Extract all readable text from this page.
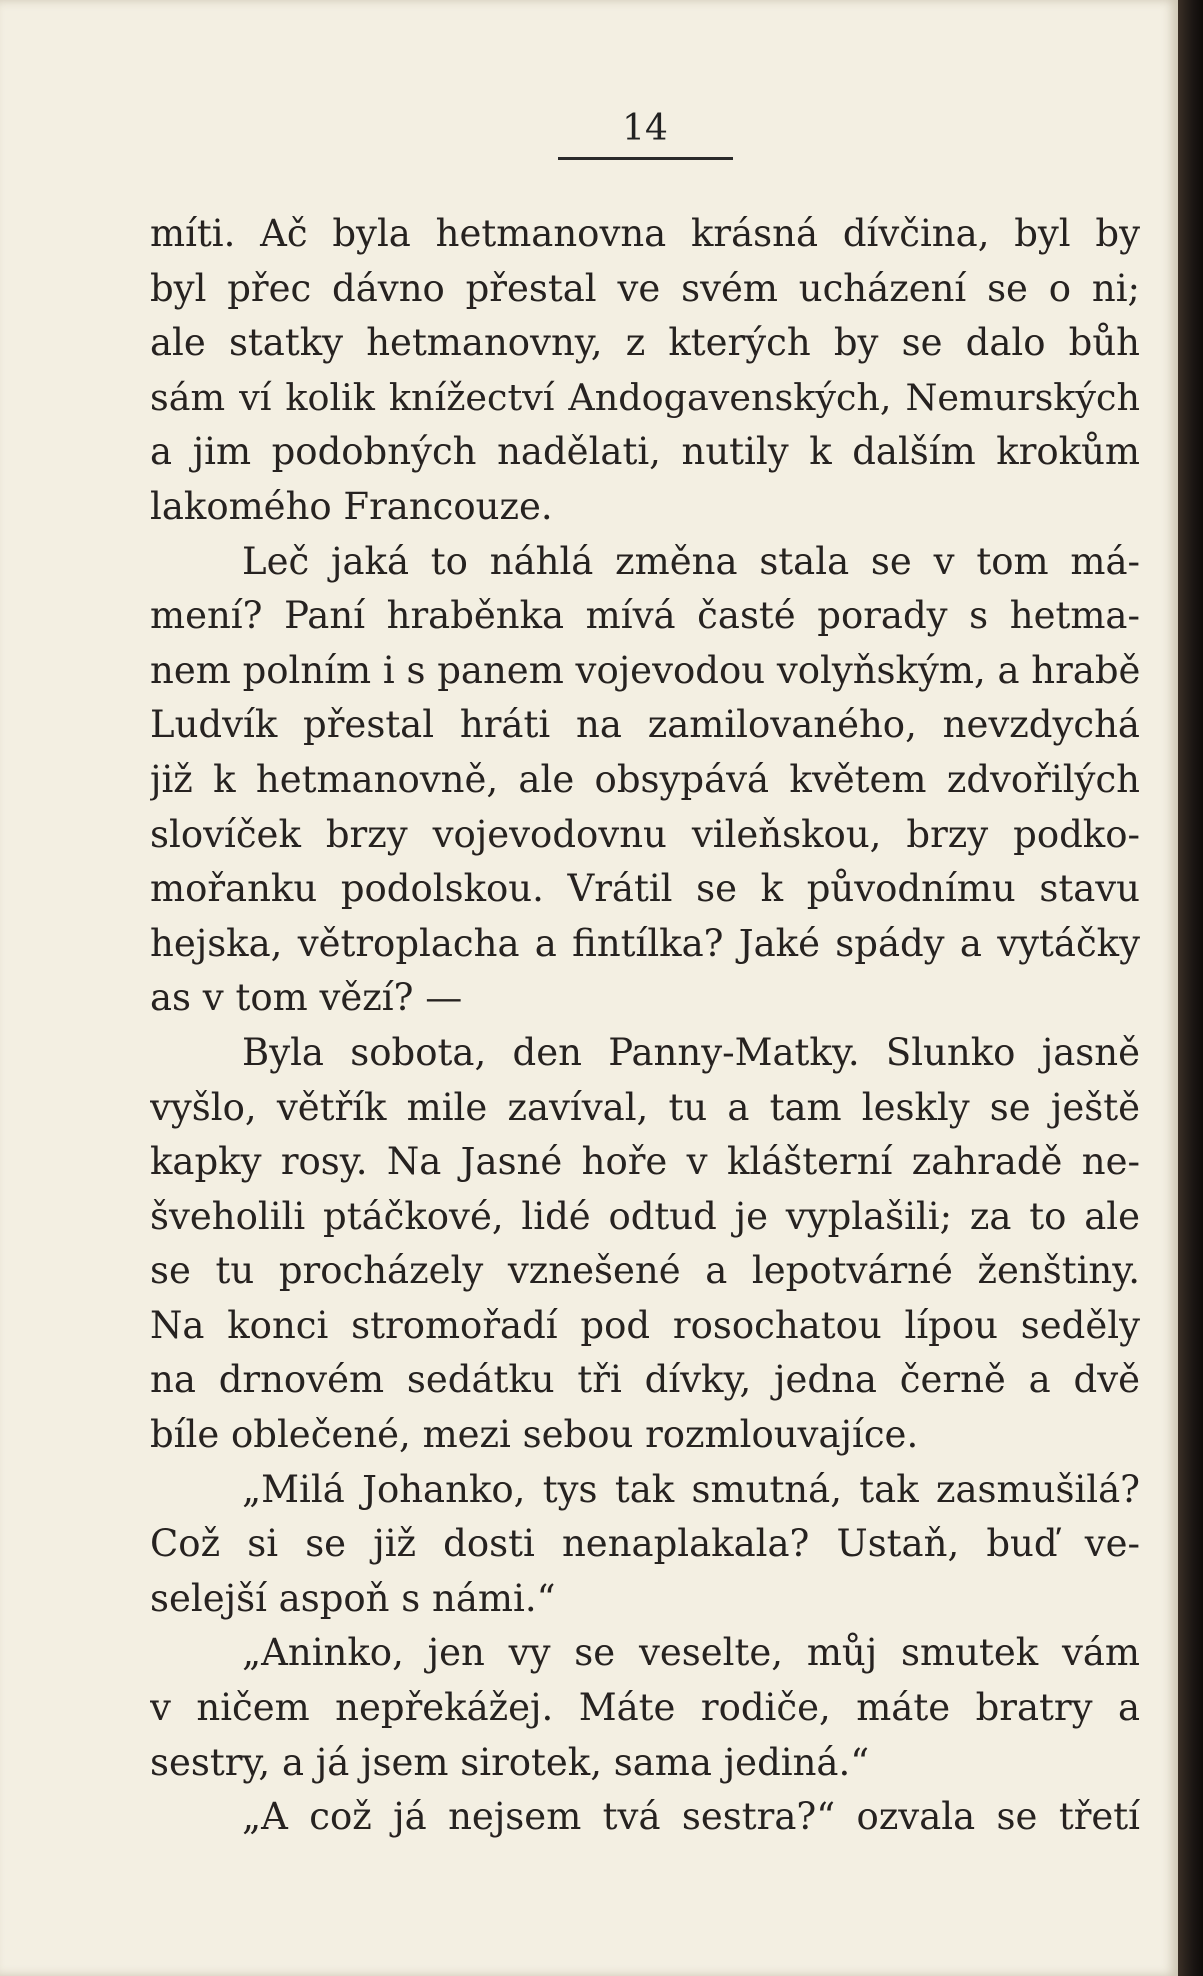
14
míti. Ač byla hetmanovna krásná dívčina, byl by
byl přec dávno přestal ve svém ucházení se o ni;
ale statky hetmanovny, z kterých by se dalo bůh
sám ví kolik knížectví Andogavenských, Nemurských
a jim podobných nadělati, nutily k dalším krokům
lakomého Francouze.
Leč jaká to náhlá změna stala se v tom má-
mení? Paní hraběnka mívá časté porady s hetma-
nem polním i s panem vojevodou volyňským, a hrabě
Ludvík přestal hráti na zamilovaného, nevzdychá
již k hetmanovně, ale obsypává květem zdvořilých
slovíček brzy vojevodovnu vileňskou, brzy podko-
mořanku podolskou. Vrátil se k původnímu stavu
hejska, větroplacha a fintílka? Jaké spády a vytáčky
as v tom vězí? —
Byla sobota, den Panny-Matky. Slunko jasně
vyšlo, větřík mile zavíval, tu a tam leskly se ještě
kapky rosy. Na Jasné hoře v klášterní zahradě ne-
šveholili ptáčkové, lidé odtud je vyplašili; za to ale
se tu procházely vznešené a lepotvárné ženštiny.
Na konci stromořadí pod rosochatou lípou seděly
na drnovém sedátku tři dívky, jedna černě a dvě
bíle oblečené, mezi sebou rozmlouvajíce.
„Milá Johanko, tys tak smutná, tak zasmušilá?
Což si se již dosti nenaplakala? Ustaň, buď ve-
selejší aspoň s námi.“
„Aninko, jen vy se veselte, můj smutek vám
v ničem nepřekážej. Máte rodiče, máte bratry a
sestry, a já jsem sirotek, sama jediná.“
„A což já nejsem tvá sestra?“ ozvala se třetí
